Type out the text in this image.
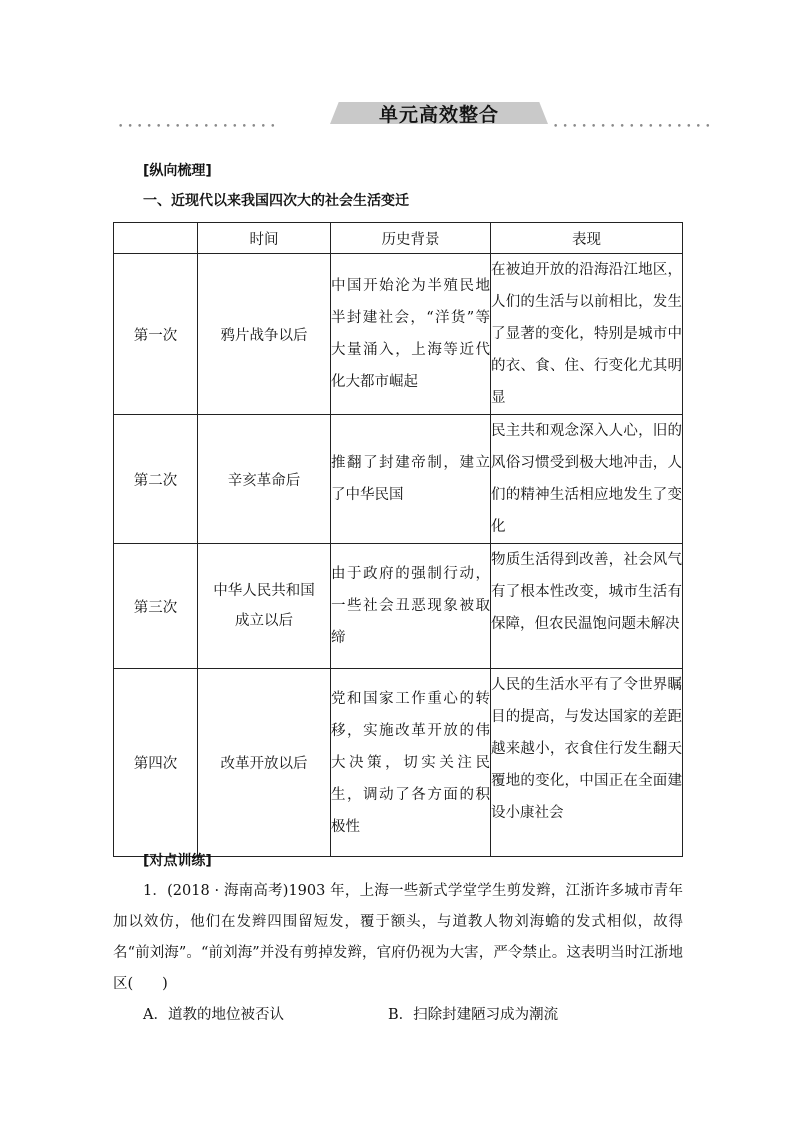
•••••••••••••••••
单元高效整合
•••••••••••••••••
[纵向梳理]
一、近现代以来我国四次大的社会生活变迁
	时间	历史背景	表现
第一次	鸦片战争以后	中国开始沦为半殖民地半封建社会，“洋货”等大量涌入，上海等近代化大都市崛起	在被迫开放的沿海沿江地区，人们的生活与以前相比，发生了显著的变化，特别是城市中的衣、食、住、行变化尤其明显
第二次	辛亥革命后	推翻了封建帝制，建立了中华民国	民主共和观念深入人心，旧的风俗习惯受到极大地冲击，人们的精神生活相应地发生了变化
第三次	中华人民共和国
成立以后	由于政府的强制行动，一些社会丑恶现象被取缔	物质生活得到改善，社会风气有了根本性改变，城市生活有保障，但农民温饱问题未解决
第四次	改革开放以后	党和国家工作重心的转移，实施改革开放的伟大决策，切实关注民生，调动了各方面的积极性	人民的生活水平有了令世界瞩目的提高，与发达国家的差距越来越小，衣食住行发生翻天覆地的变化，中国正在全面建设小康社会
[对点训练]
1．(2018 · 海南高考)1903 年，上海一些新式学堂学生剪发辫，江浙许多城市青年加以效仿，他们在发辫四围留短发，覆于额头，与道教人物刘海蟾的发式相似，故得名“前刘海”。“前刘海”并没有剪掉发辫，官府仍视为大害，严令禁止。这表明当时江浙地区(　　)
A．道教的地位被否认	B．扫除封建陋习成为潮流
